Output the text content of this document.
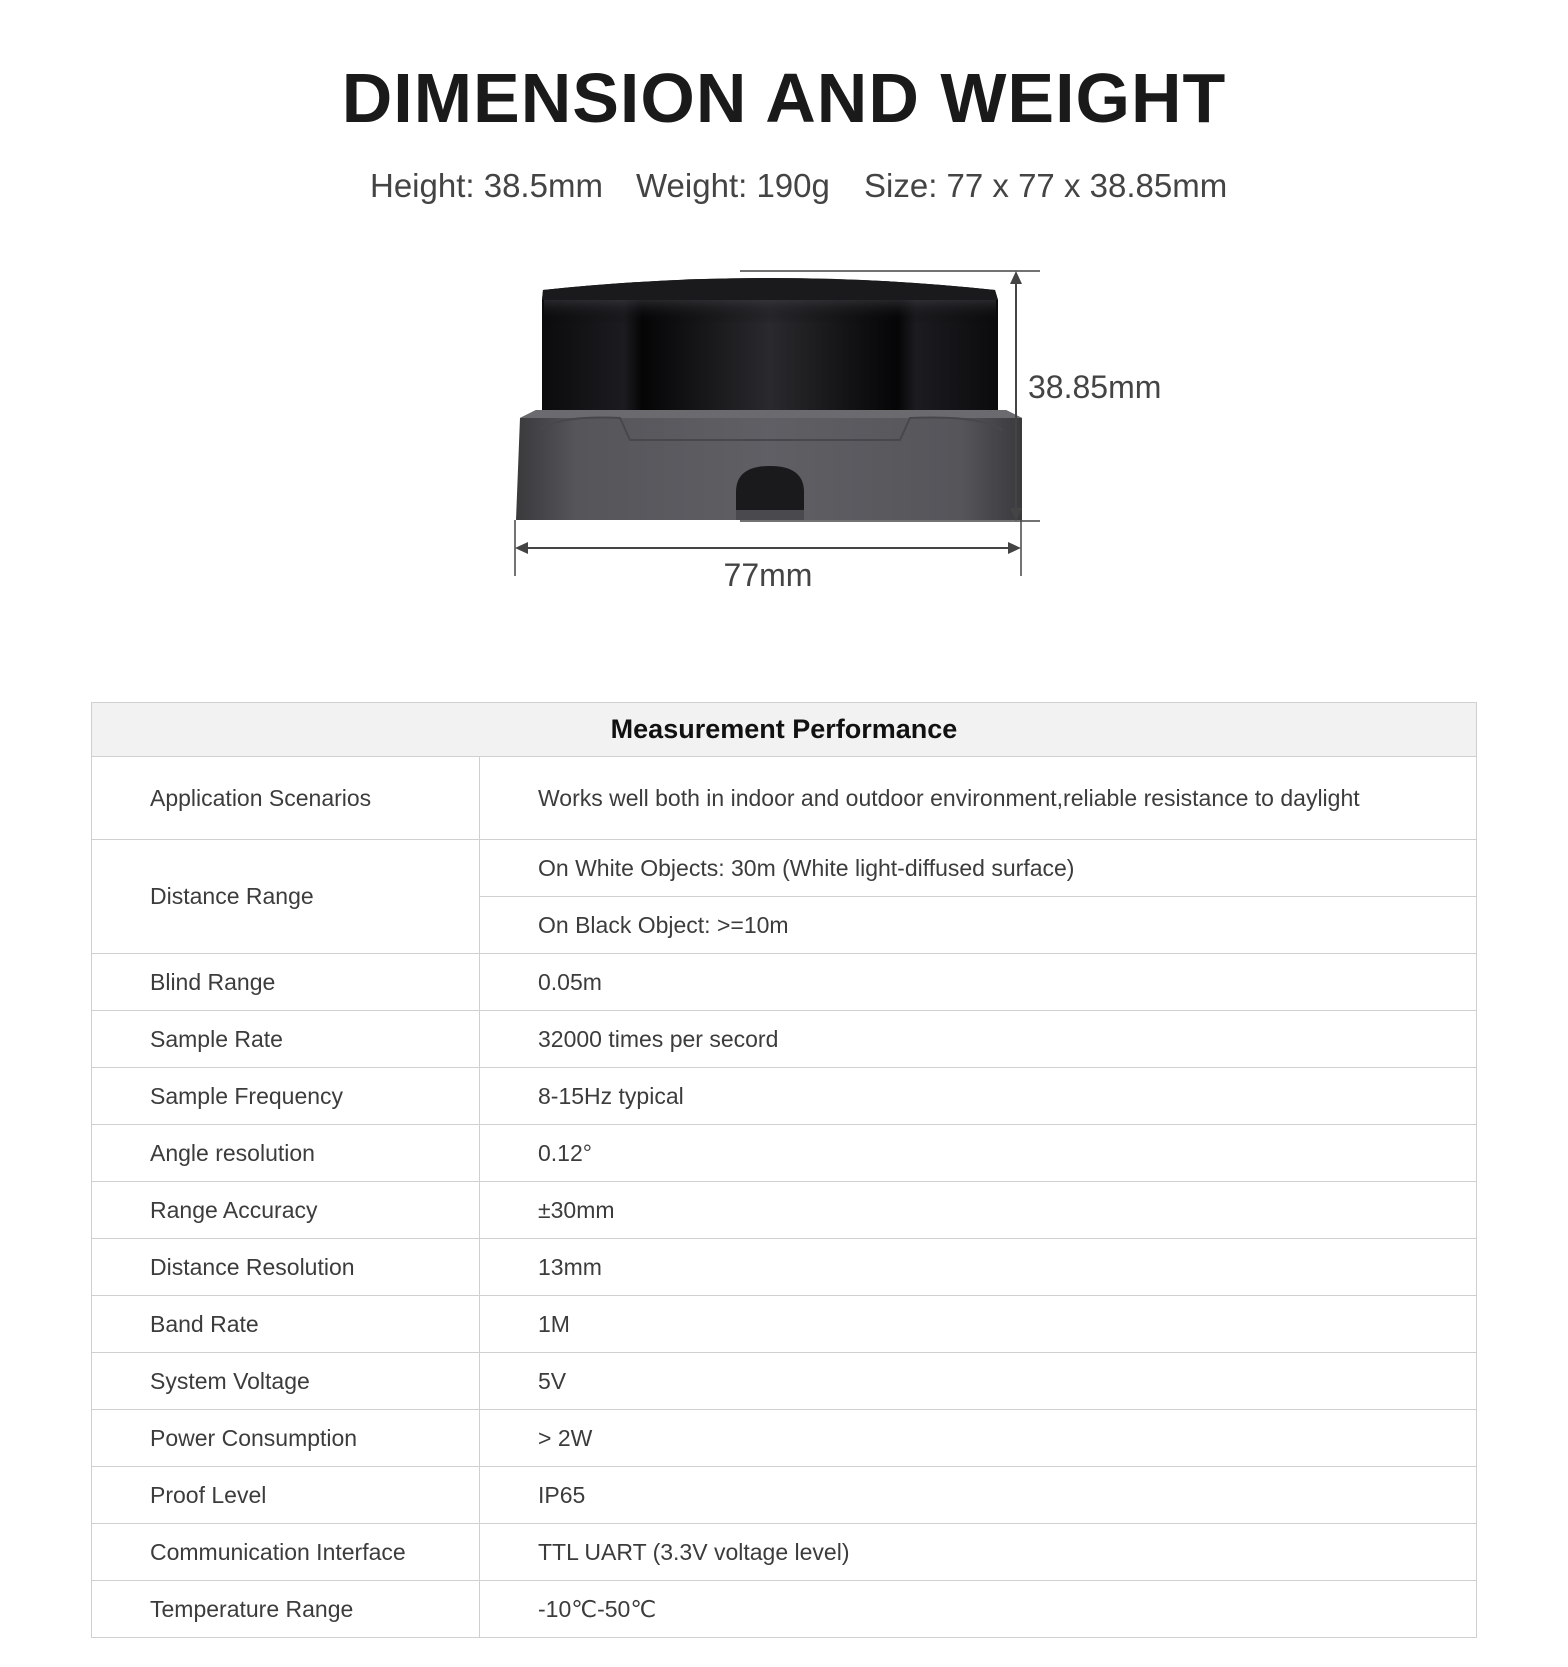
DIMENSION AND WEIGHT
Height: 38.5mm Weight: 190g Size: 77 x 77 x 38.85mm
38.85mm
77mm
Measurement Performance	
Application Scenarios	Works well both in indoor and outdoor environment,reliable resistance to daylight
Distance Range	On White Objects: 30m (White light-diffused surface)
	On Black Object: >=10m
Blind Range	0.05m
Sample Rate	32000 times per secord
Sample Frequency	8-15Hz typical
Angle resolution	0.12°
Range Accuracy	±30mm
Distance Resolution	13mm
Band Rate	1M
System Voltage	5V
Power Consumption	> 2W
Proof Level	IP65
Communication Interface	TTL UART (3.3V voltage level)
Temperature Range	-10℃-50℃
